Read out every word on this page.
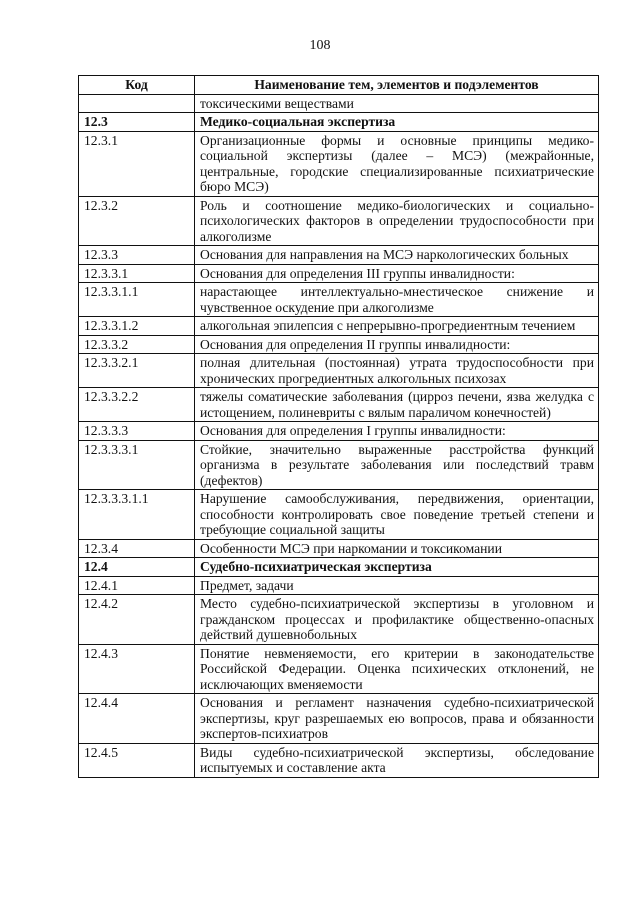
108
Код	Наименование тем, элементов и подэлементов
	токсическими веществами
12.3	Медико-социальная экспертиза
12.3.1	Организационные формы и основные принципы медико-социальной экспертизы (далее – МСЭ) (межрайонные, центральные, городские специализированные психиатрические бюро МСЭ)
12.3.2	Роль и соотношение медико-биологических и социально-психологических факторов в определении трудоспособности при алкоголизме
12.3.3	Основания для направления на МСЭ наркологических больных
12.3.3.1	Основания для определения III группы инвалидности:
12.3.3.1.1	нарастающее интеллектуально-мнестическое снижение и чувственное оскудение при алкоголизме
12.3.3.1.2	алкогольная эпилепсия с непрерывно-прогредиентным течением
12.3.3.2	Основания для определения II группы инвалидности:
12.3.3.2.1	полная длительная (постоянная) утрата трудоспособности при хронических прогредиентных алкогольных психозах
12.3.3.2.2	тяжелы соматические заболевания (цирроз печени, язва желудка с истощением, полиневриты с вялым параличом конечностей)
12.3.3.3	Основания для определения I группы инвалидности:
12.3.3.3.1	Стойкие, значительно выраженные расстройства функций организма в результате заболевания или последствий травм (дефектов)
12.3.3.3.1.1	Нарушение самообслуживания, передвижения, ориентации, способности контролировать свое поведение третьей степени и требующие социальной защиты
12.3.4	Особенности МСЭ при наркомании и токсикомании
12.4	Судебно-психиатрическая экспертиза
12.4.1	Предмет, задачи
12.4.2	Место судебно-психиатрической экспертизы в уголовном и гражданском процессах и профилактике общественно-опасных действий душевнобольных
12.4.3	Понятие невменяемости, его критерии в законодательстве Российской Федерации. Оценка психических отклонений, не исключающих вменяемости
12.4.4	Основания и регламент назначения судебно-психиатрической экспертизы, круг разрешаемых ею вопросов, права и обязанности экспертов-психиатров
12.4.5	Виды судебно-психиатрической экспертизы, обследование испытуемых и составление акта
